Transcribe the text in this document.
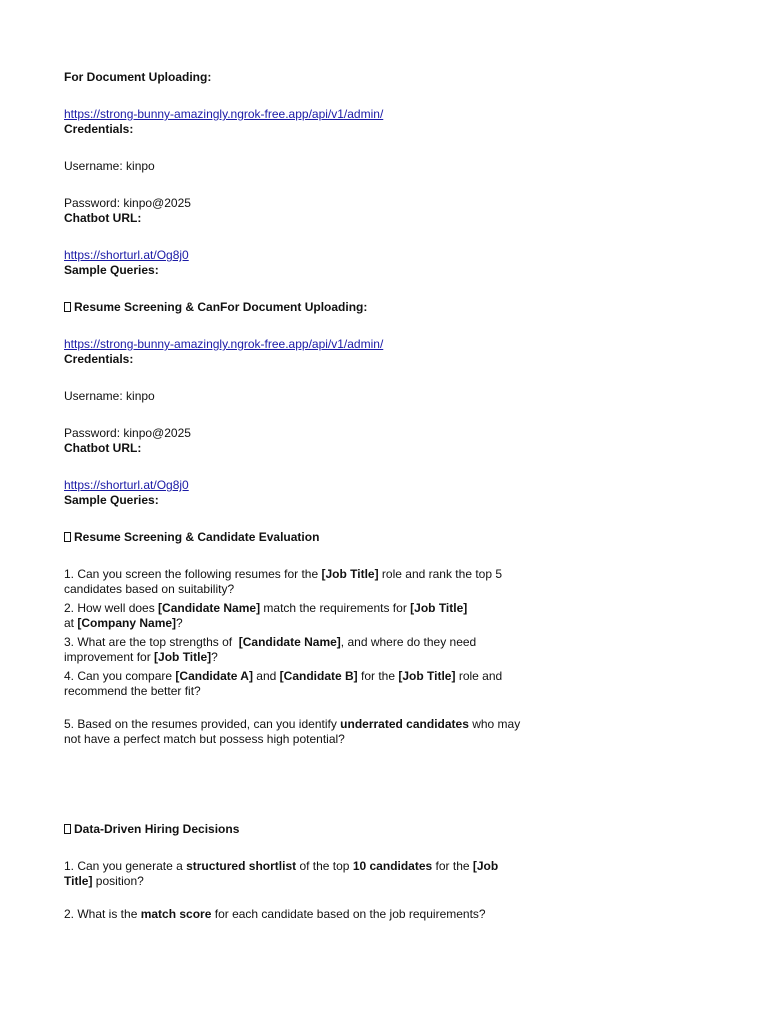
For Document Uploading:
https://strong-bunny-amazingly.ngrok-free.app/api/v1/admin/
Credentials:
Username: kinpo
Password: kinpo@2025
Chatbot URL:
https://shorturl.at/Og8j0
Sample Queries:
Resume Screening & CanFor Document Uploading:
https://strong-bunny-amazingly.ngrok-free.app/api/v1/admin/
Credentials:
Username: kinpo
Password: kinpo@2025
Chatbot URL:
https://shorturl.at/Og8j0
Sample Queries:
Resume Screening & Candidate Evaluation
1. Can you screen the following resumes for the [Job Title] role and rank the top 5 candidates based on suitability?
2. How well does [Candidate Name] match the requirements for [Job Title]
at [Company Name]?
3. What are the top strengths of  [Candidate Name], and where do they need improvement for [Job Title]?
4. Can you compare [Candidate A] and [Candidate B] for the [Job Title] role and recommend the better fit?
5. Based on the resumes provided, can you identify underrated candidates who may not have a perfect match but possess high potential?
Data-Driven Hiring Decisions
1. Can you generate a structured shortlist of the top 10 candidates for the [Job Title] position?
2. What is the match score for each candidate based on the job requirements?
